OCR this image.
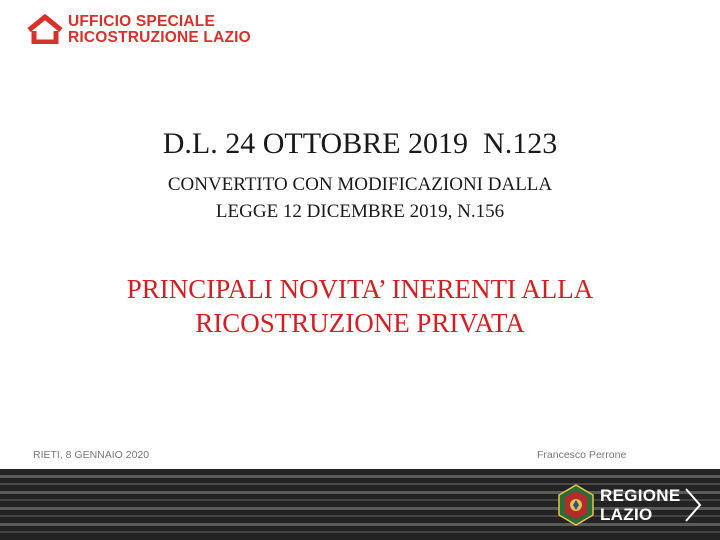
UFFICIO SPECIALE
RICOSTRUZIONE LAZIO
D.L. 24 OTTOBRE 2019  N.123
CONVERTITO CON MODIFICAZIONI DALLA
LEGGE 12 DICEMBRE 2019, N.156
PRINCIPALI NOVITA’ INERENTI ALLA
RICOSTRUZIONE PRIVATA
RIETI, 8 GENNAIO 2020	Francesco Perrone
REGIONE
LAZIO
